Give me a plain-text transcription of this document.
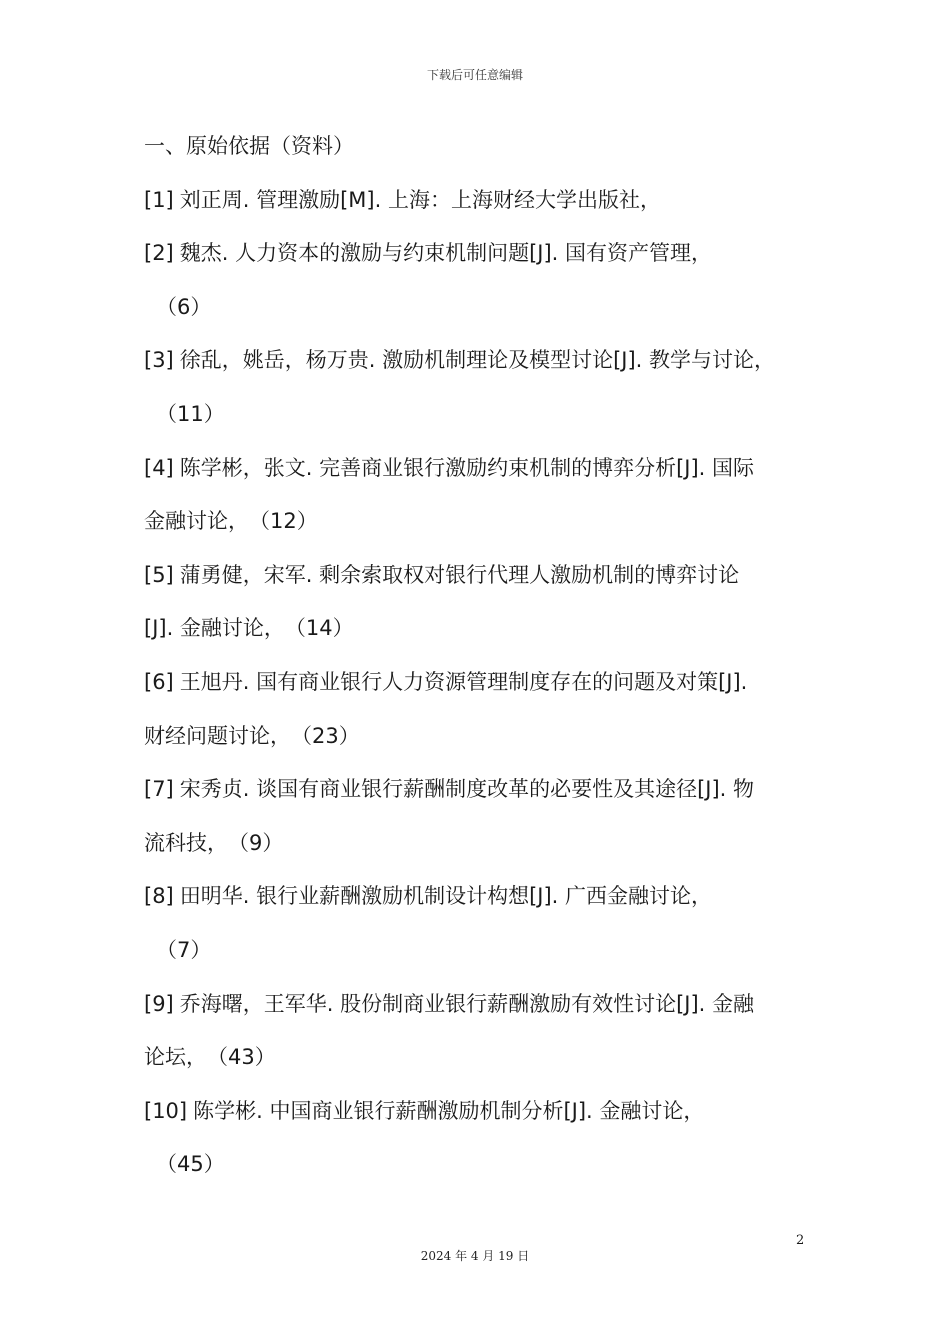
下载后可任意编辑
一、原始依据（资料）
[1] 刘正周. 管理激励[M]. 上海：上海财经大学出版社，
[2] 魏杰. 人力资本的激励与约束机制问题[J]. 国有资产管理，
（6）
[3] 徐乱，姚岳，杨万贵. 激励机制理论及模型讨论[J]. 教学与讨论，
（11）
[4] 陈学彬，张文. 完善商业银行激励约束机制的博弈分析[J]. 国际
金融讨论，　（12）
[5] 蒲勇健，宋军. 剩余索取权对银行代理人激励机制的博弈讨论
[J]. 金融讨论，　（14）
[6] 王旭丹. 国有商业银行人力资源管理制度存在的问题及对策[J].
财经问题讨论，　（23）
[7] 宋秀贞. 谈国有商业银行薪酬制度改革的必要性及其途径[J]. 物
流科技，　（9）
[8] 田明华. 银行业薪酬激励机制设计构想[J]. 广西金融讨论，
（7）
[9] 乔海曙，王军华. 股份制商业银行薪酬激励有效性讨论[J]. 金融
论坛，　（43）
[10] 陈学彬. 中国商业银行薪酬激励机制分析[J]. 金融讨论，
（45）
2
2024 年 4 月 19 日
